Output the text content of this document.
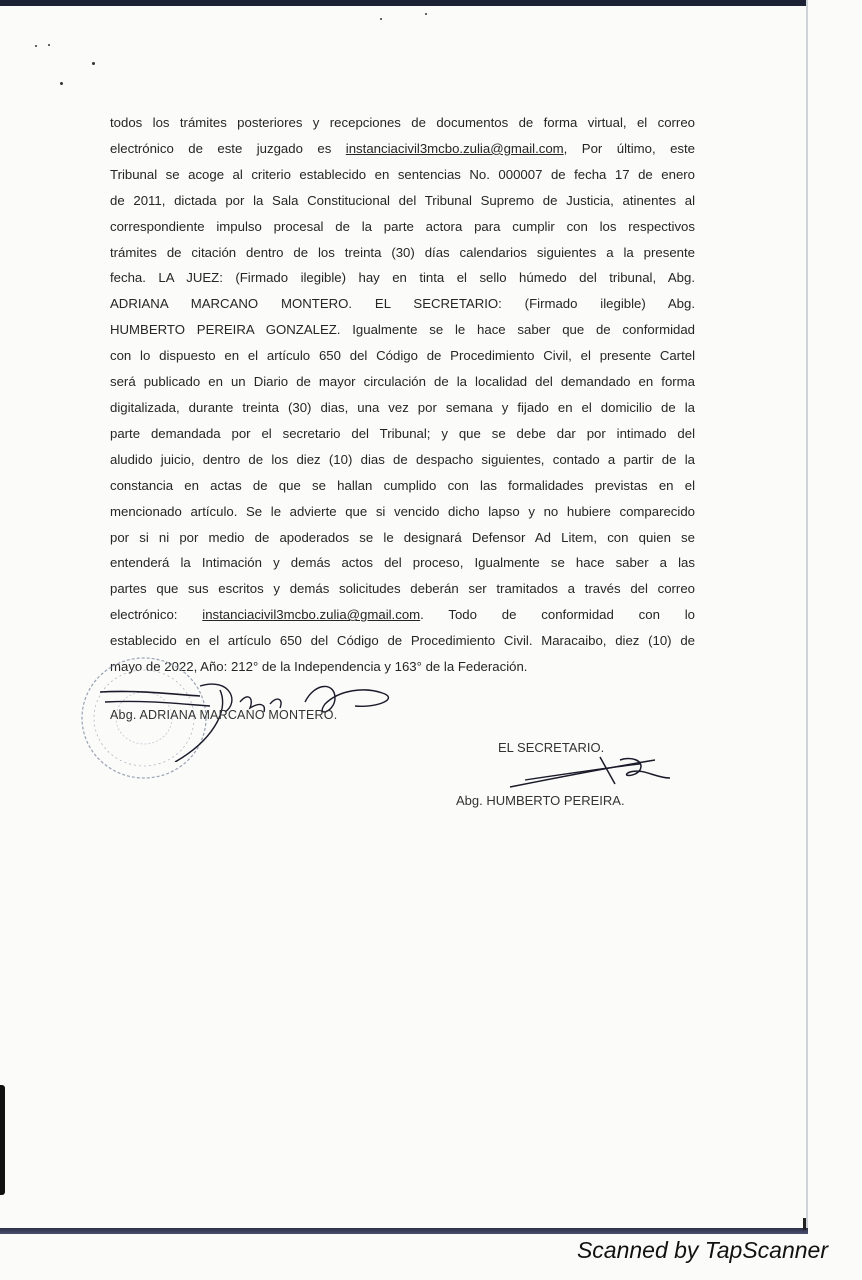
todos los trámites posteriores y recepciones de documentos de forma virtual, el correo
electrónico de este juzgado es instanciacivil3mcbo.zulia@gmail.com, Por último, este
Tribunal se acoge al criterio establecido en sentencias No. 000007 de fecha 17 de enero
de 2011, dictada por la Sala Constitucional del Tribunal Supremo de Justicia, atinentes al
correspondiente impulso procesal de la parte actora para cumplir con los respectivos
trámites de citación dentro de los treinta (30) días calendarios siguientes a la presente
fecha. LA JUEZ: (Firmado ilegible) hay en tinta el sello húmedo del tribunal, Abg.
ADRIANA MARCANO MONTERO. EL SECRETARIO: (Firmado ilegible) Abg.
HUMBERTO PEREIRA GONZALEZ. Igualmente se le hace saber que de conformidad
con lo dispuesto en el artículo 650 del Código de Procedimiento Civil, el presente Cartel
será publicado en un Diario de mayor circulación de la localidad del demandado en forma
digitalizada, durante treinta (30) dias, una vez por semana y fijado en el domicilio de la
parte demandada por el secretario del Tribunal; y que se debe dar por intimado del
aludido juicio, dentro de los diez (10) dias de despacho siguientes, contado a partir de la
constancia en actas de que se hallan cumplido con las formalidades previstas en el
mencionado artículo. Se le advierte que si vencido dicho lapso y no hubiere comparecido
por si ni por medio de apoderados se le designará Defensor Ad Litem, con quien se
entenderá la Intimación y demás actos del proceso, Igualmente se hace saber a las
partes que sus escritos y demás solicitudes deberán ser tramitados a través del correo
electrónico: instanciacivil3mcbo.zulia@gmail.com. Todo de conformidad con lo
establecido en el artículo 650 del Código de Procedimiento Civil. Maracaibo, diez (10) de
mayo de 2022, Año: 212° de la Independencia y 163° de la Federación.
Abg. ADRIANA MARCANO MONTERO.
EL SECRETARIO.
Abg. HUMBERTO PEREIRA.
Scanned by TapScanner
